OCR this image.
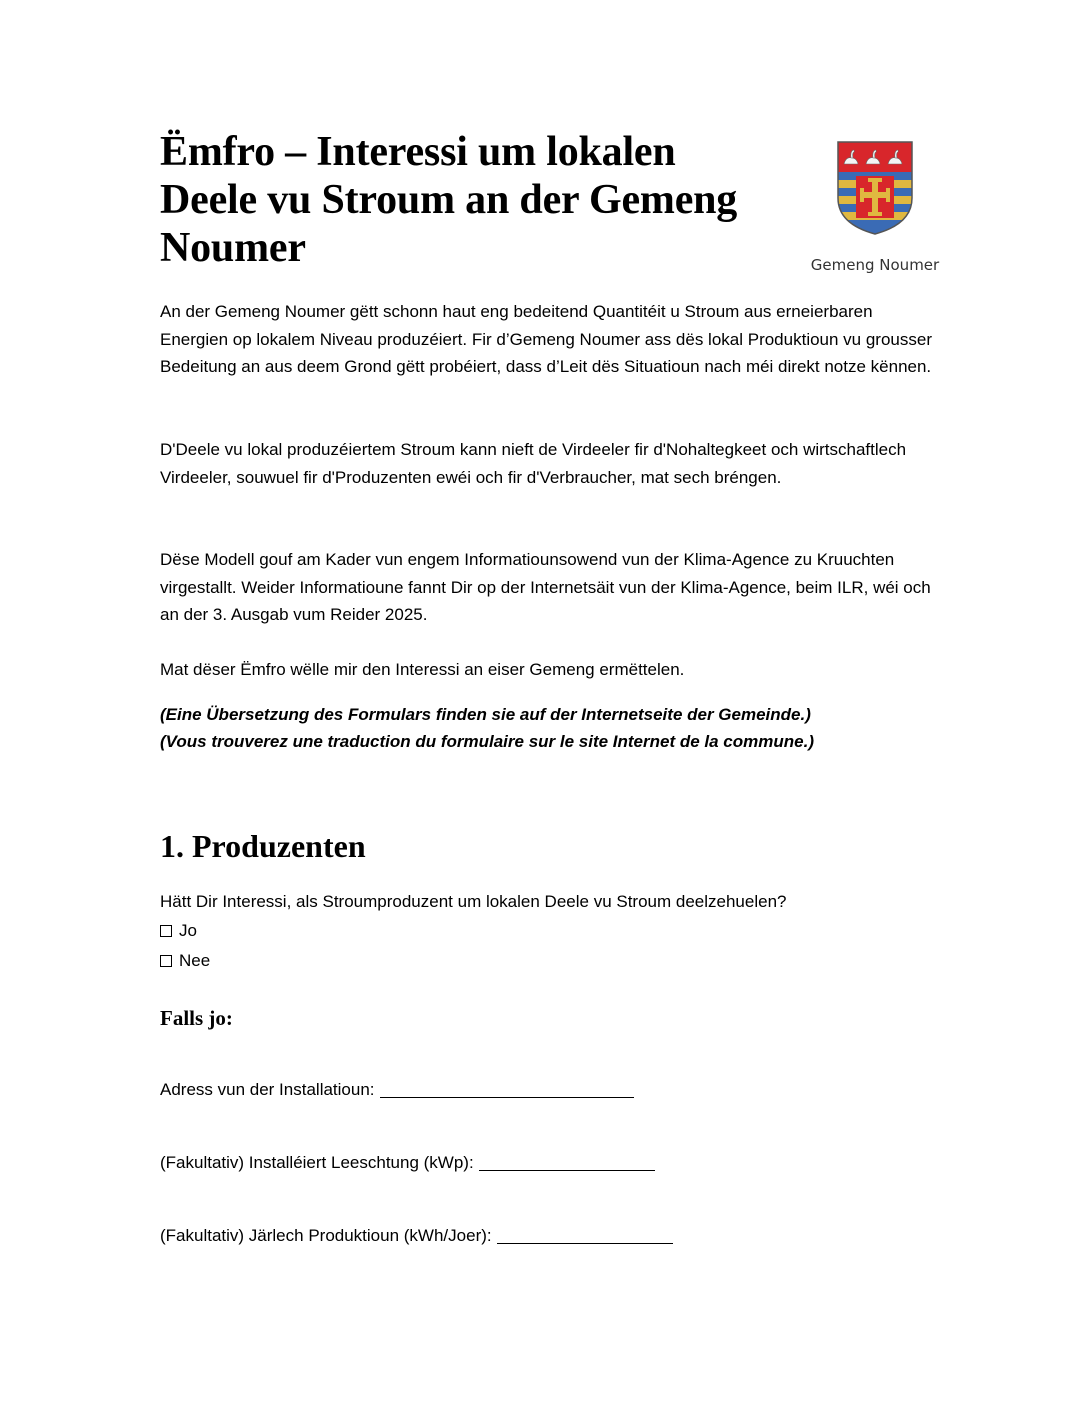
Ëmfro – Interessi um lokalen Deele vu Stroum an der Gemeng Noumer	Gemeng Noumer

An der Gemeng Noumer gëtt schonn haut eng bedeitend Quantitéit u Stroum aus erneierbaren Energien op lokalem Niveau produzéiert. Fir d’Gemeng Noumer ass dës lokal Produktioun vu grousser Bedeitung an aus deem Grond gëtt probéiert, dass d’Leit dës Situatioun nach méi direkt notze kënnen.

D'Deele vu lokal produzéiertem Stroum kann nieft de Virdeeler fir d'Nohaltegkeet och wirtschaftlech Virdeeler, souwuel fir d'Produzenten ewéi och fir d'Verbraucher, mat sech bréngen.

Dëse Modell gouf am Kader vun engem Informatiounsowend vun der Klima-Agence zu Kruuchten virgestallt. Weider Informatioune fannt Dir op der Internetsäit vun der Klima-Agence, beim ILR, wéi och an der 3. Ausgab vum Reider 2025.

Mat dëser Ëmfro wëlle mir den Interessi an eiser Gemeng ermëttelen.

(Eine Übersetzung des Formulars finden sie auf der Internetseite der Gemeinde.)

(Vous trouverez une traduction du formulaire sur le site Internet de la commune.)

1. Produzenten

Hätt Dir Interessi, als Stroumproduzent um lokalen Deele vu Stroum deelzehuelen?

Jo
Nee
Falls jo:
Adress vun der Installatioun:
(Fakultativ) Installéiert Leeschtung (kWp):
(Fakultativ) Järlech Produktioun (kWh/Joer):
